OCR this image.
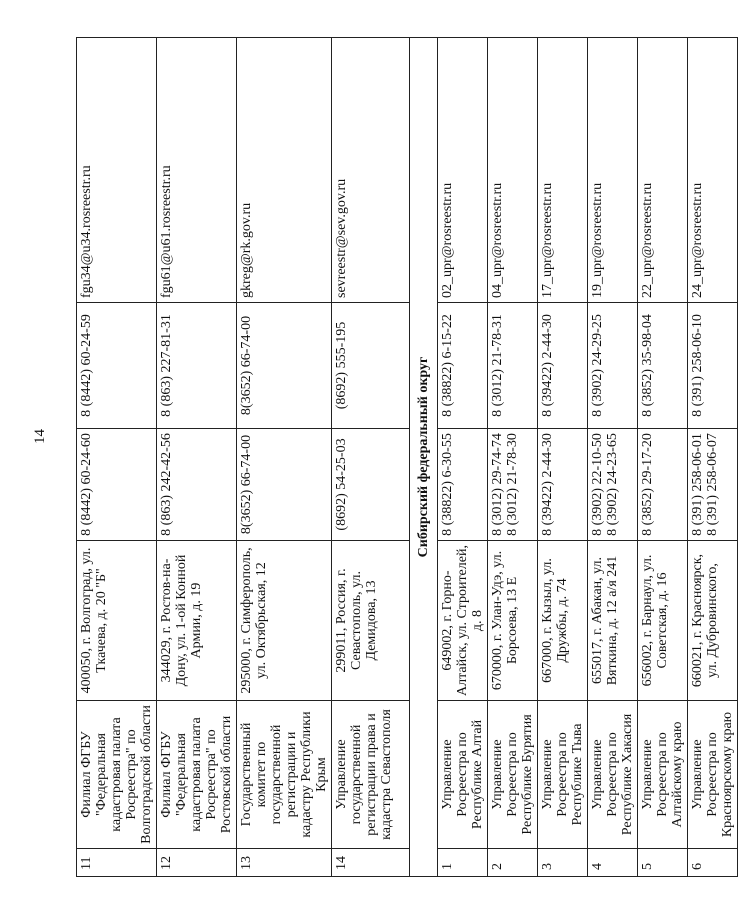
14
11	Филиал ФГБУ "Федеральная кадастровая палата Росреестра" по Волгоградской области	400050, г. Волгоград, ул. Ткачева, д. 20 "Б"	8 (8442) 60-24-60	8 (8442) 60-24-59	fgu34@u34.rosreestr.ru
12	Филиал ФГБУ "Федеральная кадастровая палата Росреестра" по Ростовской области	344029, г. Ростов-на-Дону, ул. 1-ой Конной Армии, д. 19	8 (863) 242-42-56	8 (863) 227-81-31	fgu61@u61.rosreestr.ru
13	Государственный комитет по государственной регистрации и кадастру Республики Крым	295000, г. Симферополь, ул. Октябрьская, 12	8(3652) 66-74-00	8(3652) 66-74-00	gkreg@rk.gov.ru
14	Управление государственной регистрации права и кадастра Севастополя	299011, Россия, г. Севастополь, ул. Демидова, 13	(8692) 54-25-03	(8692) 555-195	sevreestr@sev.gov.ru
Сибирский федеральный округ					
1	Управление Росреестра по Республике Алтай	649002, г. Горно-Алтайск, ул. Строителей, д. 8	8 (38822) 6-30-55	8 (38822) 6-15-22	02_upr@rosreestr.ru
2	Управление Росреестра по Республике Бурятия	670000, г. Улан-Удэ, ул. Борсоева, 13 Е	8 (3012) 29-74-74 8 (3012) 21-78-30	8 (3012) 21-78-31	04_upr@rosreestr.ru
3	Управление Росреестра по Республике Тыва	667000, г. Кызыл, ул. Дружбы, д. 74	8 (39422) 2-44-30	8 (39422) 2-44-30	17_upr@rosreestr.ru
4	Управление Росреестра по Республике Хакасия	655017, г. Абакан, ул. Вяткина, д. 12 а/я 241	8 (3902) 22-10-50 8 (3902) 24-23-65	8 (3902) 24-29-25	19_upr@rosreestr.ru
5	Управление Росреестра по Алтайскому краю	656002, г. Барнаул, ул. Советская, д. 16	8 (3852) 29-17-20	8 (3852) 35-98-04	22_upr@rosreestr.ru
6	Управление Росреестра по Красноярскому краю	660021, г. Красноярск, ул. Дубровинского,	8 (391) 258-06-01 8 (391) 258-06-07	8 (391) 258-06-10	24_upr@rosreestr.ru
